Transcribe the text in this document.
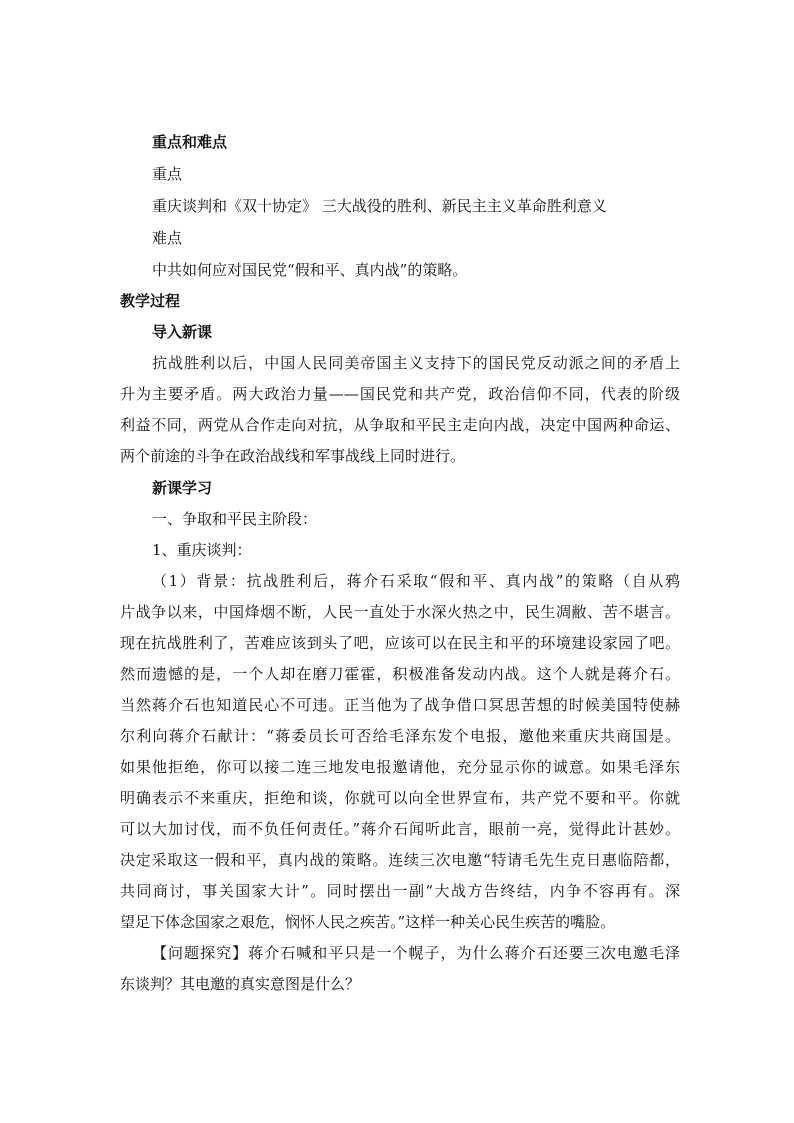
重点和难点
重点
重庆谈判和《双十协定》 三大战役的胜利、新民主主义革命胜利意义
难点
中共如何应对国民党“假和平、真内战”的策略。
教学过程
导入新课
抗战胜利以后，中国人民同美帝国主义支持下的国民党反动派之间的矛盾上
升为主要矛盾。两大政治力量——国民党和共产党，政治信仰不同，代表的阶级
利益不同，两党从合作走向对抗，从争取和平民主走向内战，决定中国两种命运、
两个前途的斗争在政治战线和军事战线上同时进行。
新课学习
一、争取和平民主阶段：
1、重庆谈判：
（1）背景：抗战胜利后，蒋介石采取“假和平、真内战”的策略（自从鸦
片战争以来，中国烽烟不断，人民一直处于水深火热之中，民生凋敝、苦不堪言。
现在抗战胜利了，苦难应该到头了吧，应该可以在民主和平的环境建设家园了吧。
然而遗憾的是，一个人却在磨刀霍霍，积极准备发动内战。这个人就是蒋介石。
当然蒋介石也知道民心不可违。正当他为了战争借口冥思苦想的时候美国特使赫
尔利向蒋介石献计：“蒋委员长可否给毛泽东发个电报，邀他来重庆共商国是。
如果他拒绝，你可以接二连三地发电报邀请他，充分显示你的诚意。如果毛泽东
明确表示不来重庆，拒绝和谈，你就可以向全世界宣布，共产党不要和平。你就
可以大加讨伐，而不负任何责任。”蒋介石闻听此言，眼前一亮，觉得此计甚妙。
决定采取这一假和平，真内战的策略。连续三次电邀“特请毛先生克日惠临陪都，
共同商讨，事关国家大计”。同时摆出一副“大战方告终结，内争不容再有。深
望足下体念国家之艰危，悯怀人民之疾苦。”这样一种关心民生疾苦的嘴脸。
【问题探究】蒋介石喊和平只是一个幌子，为什么蒋介石还要三次电邀毛泽
东谈判？其电邀的真实意图是什么？
